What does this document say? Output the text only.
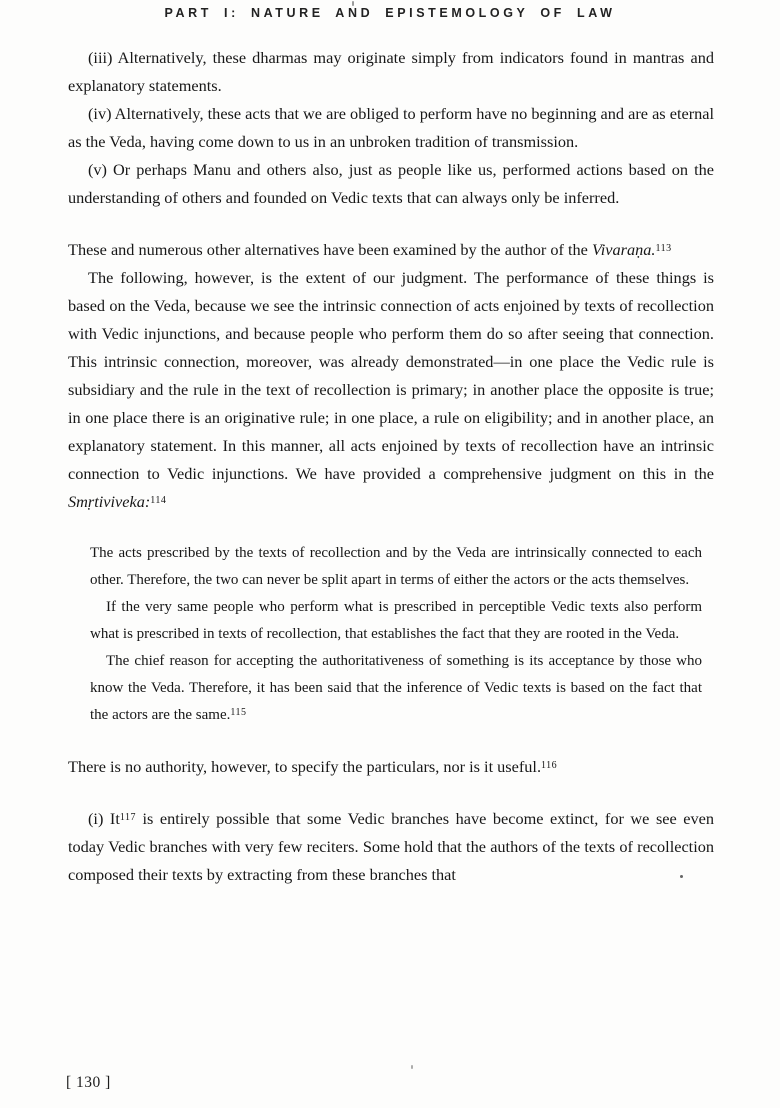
PART I: NATURE AND EPISTEMOLOGY OF LAW

(iii) Alternatively, these dharmas may originate simply from indicators found in mantras and explanatory statements.

(iv) Alternatively, these acts that we are obliged to perform have no beginning and are as eternal as the Veda, having come down to us in an unbroken tradition of transmission.

(v) Or perhaps Manu and others also, just as people like us, performed actions based on the understanding of others and founded on Vedic texts that can always only be inferred.

These and numerous other alternatives have been examined by the author of the Vivaraṇa.$^{113}$

The following, however, is the extent of our judgment. The performance of these things is based on the Veda, because we see the intrinsic connection of acts enjoined by texts of recollection with Vedic injunctions, and because people who perform them do so after seeing that connection. This intrinsic connection, moreover, was already demonstrated—in one place the Vedic rule is subsidiary and the rule in the text of recollection is primary; in another place the opposite is true; in one place there is an originative rule; in one place, a rule on eligibility; and in another place, an explanatory statement. In this manner, all acts enjoined by texts of recollection have an intrinsic connection to Vedic injunctions. We have provided a comprehensive judgment on this in the Smṛtiviveka:$^{114}$

The acts prescribed by the texts of recollection and by the Veda are intrinsically connected to each other. Therefore, the two can never be split apart in terms of either the actors or the acts themselves.

If the very same people who perform what is prescribed in perceptible Vedic texts also perform what is prescribed in texts of recollection, that establishes the fact that they are rooted in the Veda.

The chief reason for accepting the authoritativeness of something is its acceptance by those who know the Veda. Therefore, it has been said that the inference of Vedic texts is based on the fact that the actors are the same.$^{115}$

There is no authority, however, to specify the particulars, nor is it useful.$^{116}$

(i) It$^{117}$ is entirely possible that some Vedic branches have become extinct, for we see even today Vedic branches with very few reciters. Some hold that the authors of the texts of recollection composed their texts by extracting from these branches that

[ 130 ]
